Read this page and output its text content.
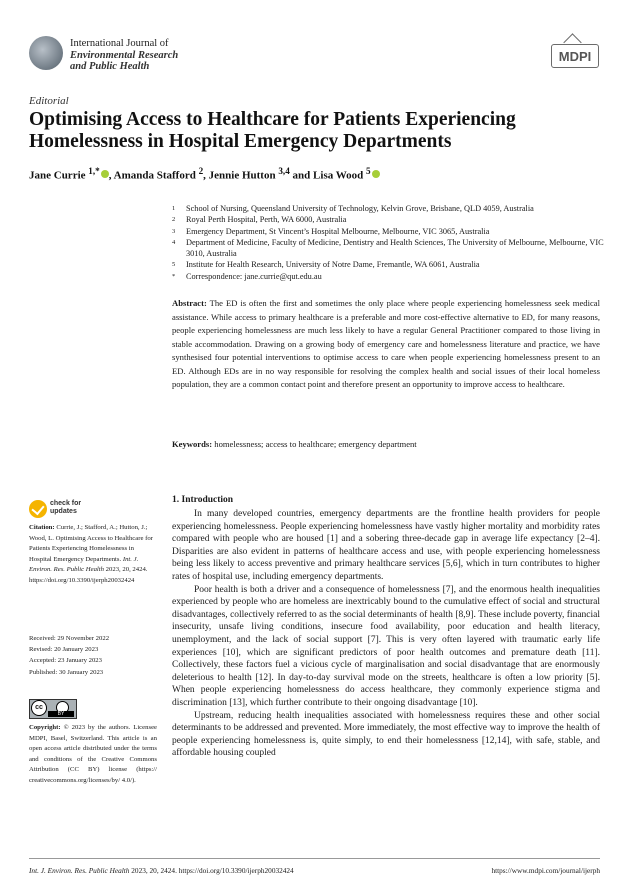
International Journal of
Environmental Research
and Public Health
MDPI
Editorial
Optimising Access to Healthcare for Patients Experiencing Homelessness in Hospital Emergency Departments
Jane Currie $^{1,*}$ , Amanda Stafford $^2$, Jennie Hutton $^{3,4}$ and Lisa Wood $^5$
1	School of Nursing, Queensland University of Technology, Kelvin Grove, Brisbane, QLD 4059, Australia
2	Royal Perth Hospital, Perth, WA 6000, Australia
3	Emergency Department, St Vincent’s Hospital Melbourne, Melbourne, VIC 3065, Australia
4	Department of Medicine, Faculty of Medicine, Dentistry and Health Sciences, The University of Melbourne, Melbourne, VIC 3010, Australia
5	Institute for Health Research, University of Notre Dame, Fremantle, WA 6061, Australia
*	Correspondence: jane.currie@qut.edu.au
Abstract: The ED is often the first and sometimes the only place where people experiencing homelessness seek medical assistance. While access to primary healthcare is a preferable and more cost-effective alternative to ED, for many reasons, people experiencing homelessness are much less likely to have a regular General Practitioner compared to those living in stable accommodation. Drawing on a growing body of emergency care and homelessness literature and practice, we have synthesised four potential interventions to optimise access to care when people experiencing homelessness present to an ED. Although EDs are in no way responsible for resolving the complex health and social issues of their local homeless population, they are a common contact point and therefore present an opportunity to improve access to healthcare.
Keywords: homelessness; access to healthcare; emergency department
check for
updates
Citation: Currie, J.; Stafford, A.; Hutton, J.; Wood, L. Optimising Access to Healthcare for Patients Experiencing Homelessness in Hospital Emergency Departments. Int. J. Environ. Res. Public Health 2023, 20, 2424. https://doi.org/10.3390/ijerph20032424
Received: 29 November 2022
Revised: 20 January 2023
Accepted: 23 January 2023
Published: 30 January 2023
cc
BY
Copyright: © 2023 by the authors. Licensee MDPI, Basel, Switzerland. This article is an open access article distributed under the terms and conditions of the Creative Commons Attribution (CC BY) license (https:// creativecommons.org/licenses/by/ 4.0/).
1. Introduction

In many developed countries, emergency departments are the frontline health providers for people experiencing homelessness. People experiencing homelessness have vastly higher mortality and morbidity rates compared with people who are housed [1] and a sobering three-decade gap in average life expectancy [2–4]. Disparities are also evident in patterns of healthcare access and use, with people experiencing homelessness being less likely to access preventive and primary healthcare services [5,6], which in turn contributes to higher rates of hospital use, including emergency departments.

Poor health is both a driver and a consequence of homelessness [7], and the enormous health inequalities experienced by people who are homeless are inextricably bound to the cumulative effect of social and structural disadvantages, collectively referred to as the social determinants of health [8,9]. These include poverty, financial insecurity, unsafe living conditions, insecure food availability, poor education and health literacy, unemployment, and the lack of social support [7]. This is very often layered with traumatic early life experiences [10], which are significant predictors of poor health outcomes and premature death [11]. Collectively, these factors fuel a vicious cycle of marginalisation and social disadvantage that are enormously deleterious to health [12]. In day-to-day survival mode on the streets, healthcare is often a low priority [5]. When people experiencing homelessness do access healthcare, they commonly experience stigma and discrimination [13], which further contribute to their ongoing disadvantage [10].

Upstream, reducing health inequalities associated with homelessness requires these and other social determinants to be addressed and prevented. More immediately, the most effective way to improve the health of people experiencing homelessness is, quite simply, to end their homelessness [12,14], with safe, stable, and affordable housing coupled

Int. J. Environ. Res. Public Health 2023, 20, 2424. https://doi.org/10.3390/ijerph20032424	https://www.mdpi.com/journal/ijerph
